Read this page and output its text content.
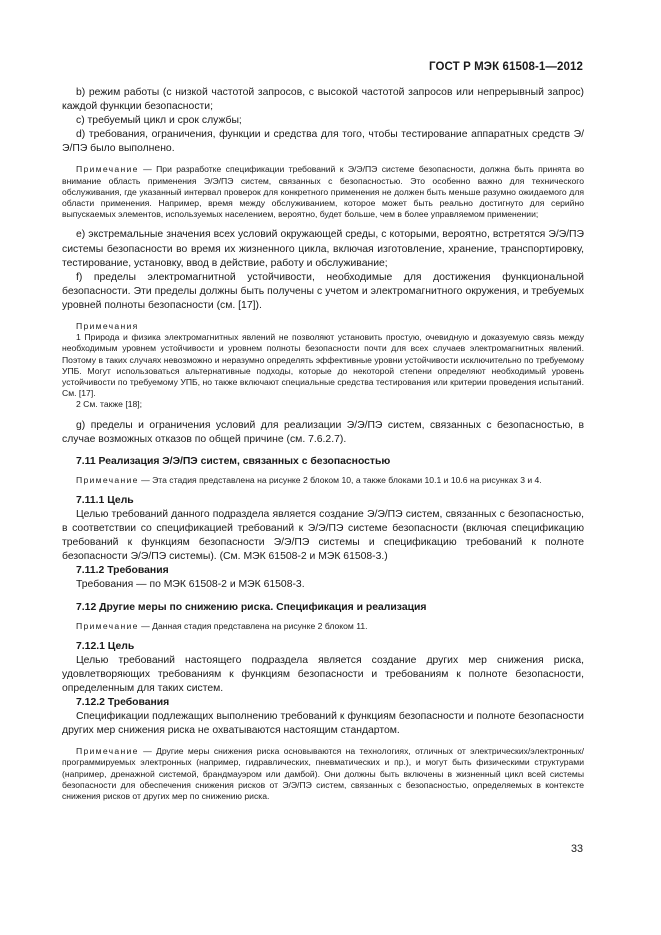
ГОСТ Р МЭК 61508-1—2012

b) режим работы (с низкой частотой запросов, с высокой частотой запросов или непрерывный запрос) каждой функции безопасности;

c) требуемый цикл и срок службы;

d) требования, ограничения, функции и средства для того, чтобы тестирование аппаратных средств Э/Э/ПЭ было выполнено.

Примечание — При разработке спецификации требований к Э/Э/ПЭ системе безопасности, должна быть принята во внимание область применения Э/Э/ПЭ систем, связанных с безопасностью. Это особенно важно для технического обслуживания, где указанный интервал проверок для конкретного применения не должен быть меньше разумно ожидаемого для области применения. Например, время между обслуживанием, которое может быть реально достигнуто для серийно выпускаемых элементов, используемых населением, вероятно, будет больше, чем в более управляемом применении;

e) экстремальные значения всех условий окружающей среды, с которыми, вероятно, встретятся Э/Э/ПЭ системы безопасности во время их жизненного цикла, включая изготовление, хранение, транспортировку, тестирование, установку, ввод в действие, работу и обслуживание;

f) пределы электромагнитной устойчивости, необходимые для достижения функциональной безопасности. Эти пределы должны быть получены с учетом и электромагнитного окружения, и требуемых уровней полноты безопасности (см. [17]).

Примечания

1 Природа и физика электромагнитных явлений не позволяют установить простую, очевидную и доказуемую связь между необходимым уровнем устойчивости и уровнем полноты безопасности почти для всех случаев электромагнитных явлений. Поэтому в таких случаях невозможно и неразумно определять эффективные уровни устойчивости исключительно по требуемому УПБ. Могут использоваться альтернативные подходы, которые до некоторой степени определяют необходимый уровень устойчивости по требуемому УПБ, но также включают специальные средства тестирования или критерии проведения испытаний. См. [17].

2 См. также [18];

g) пределы и ограничения условий для реализации Э/Э/ПЭ систем, связанных с безопасностью, в случае возможных отказов по общей причине (см. 7.6.2.7).

7.11 Реализация Э/Э/ПЭ систем, связанных с безопасностью

Примечание — Эта стадия представлена на рисунке 2 блоком 10, а также блоками 10.1 и 10.6 на рисунках 3 и 4.

7.11.1 Цель

Целью требований данного подраздела является создание Э/Э/ПЭ систем, связанных с безопасностью, в соответствии со спецификацией требований к Э/Э/ПЭ системе безопасности (включая спецификацию требований к функциям безопасности Э/Э/ПЭ системы и спецификацию требований к полноте безопасности Э/Э/ПЭ системы). (См. МЭК 61508-2 и МЭК 61508-3.)

7.11.2 Требования

Требования — по МЭК 61508-2 и МЭК 61508-3.

7.12 Другие меры по снижению риска. Спецификация и реализация

Примечание — Данная стадия представлена на рисунке 2 блоком 11.

7.12.1 Цель

Целью требований настоящего подраздела является создание других мер снижения риска, удовлетворяющих требованиям к функциям безопасности и требованиям к полноте безопасности, определенным для таких систем.

7.12.2 Требования

Спецификации подлежащих выполнению требований к функциям безопасности и полноте безопасности других мер снижения риска не охватываются настоящим стандартом.

Примечание — Другие меры снижения риска основываются на технологиях, отличных от электрических/электронных/программируемых электронных (например, гидравлических, пневматических и пр.), и могут быть физическими структурами (например, дренажной системой, брандмауэром или дамбой). Они должны быть включены в жизненный цикл всей системы безопасности для обеспечения снижения рисков от Э/Э/ПЭ систем, связанных с безопасностью, определяемых в контексте снижения рисков от других мер по снижению риска.

33
